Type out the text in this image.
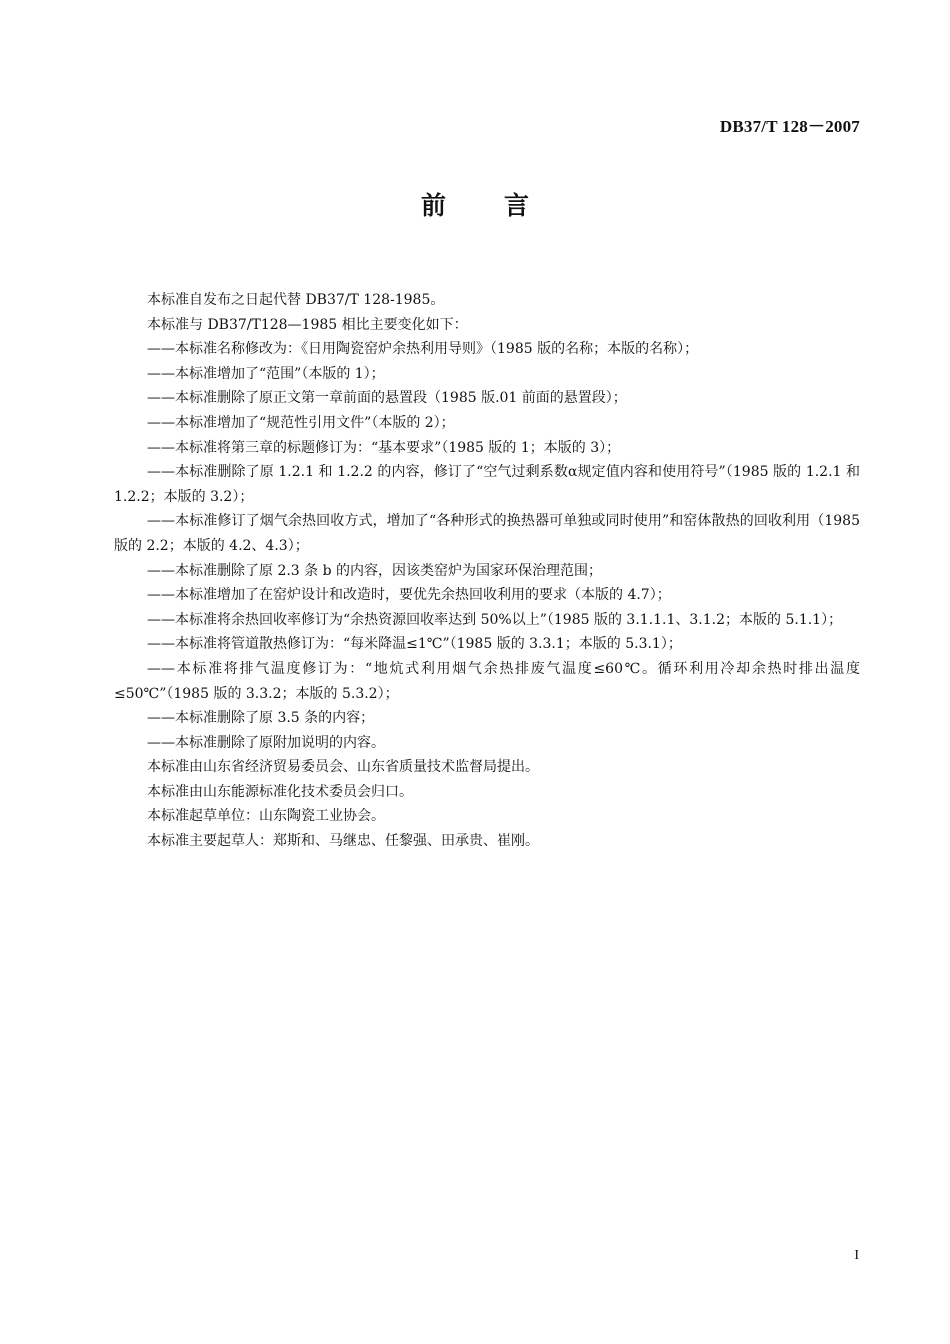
DB37/T 128－2007
前 言

本标准自发布之日起代替 DB37/T 128-1985。

本标准与 DB37/T128—1985 相比主要变化如下：

——本标准名称修改为：《日用陶瓷窑炉余热利用导则》（1985 版的名称；本版的名称）；

——本标准增加了“范围”（本版的 1）；

——本标准删除了原正文第一章前面的悬置段（1985 版.01 前面的悬置段）；

——本标准增加了“规范性引用文件”（本版的 2）；

——本标准将第三章的标题修订为：“基本要求”（1985 版的 1；本版的 3）；

——本标准删除了原 1.2.1 和 1.2.2 的内容，修订了“空气过剩系数α规定值内容和使用符号”（1985 版的 1.2.1 和 1.2.2；本版的 3.2）；

——本标准修订了烟气余热回收方式，增加了“各种形式的换热器可单独或同时使用”和窑体散热的回收利用（1985 版的 2.2；本版的 4.2、4.3）；

——本标准删除了原 2.3 条 b 的内容，因该类窑炉为国家环保治理范围；

——本标准增加了在窑炉设计和改造时，要优先余热回收利用的要求（本版的 4.7）；

——本标准将余热回收率修订为“余热资源回收率达到 50%以上”（1985 版的 3.1.1.1、3.1.2；本版的 5.1.1）；

——本标准将管道散热修订为：“每米降温≤1℃”（1985 版的 3.3.1；本版的 5.3.1）；

——本标准将排气温度修订为：“地炕式利用烟气余热排废气温度≤60℃。循环利用冷却余热时排出温度≤50℃”（1985 版的 3.3.2；本版的 5.3.2）；

——本标准删除了原 3.5 条的内容；

——本标准删除了原附加说明的内容。

本标准由山东省经济贸易委员会、山东省质量技术监督局提出。

本标准由山东能源标准化技术委员会归口。

本标准起草单位：山东陶瓷工业协会。

本标准主要起草人：郑斯和、马继忠、任黎强、田承贵、崔刚。

I
